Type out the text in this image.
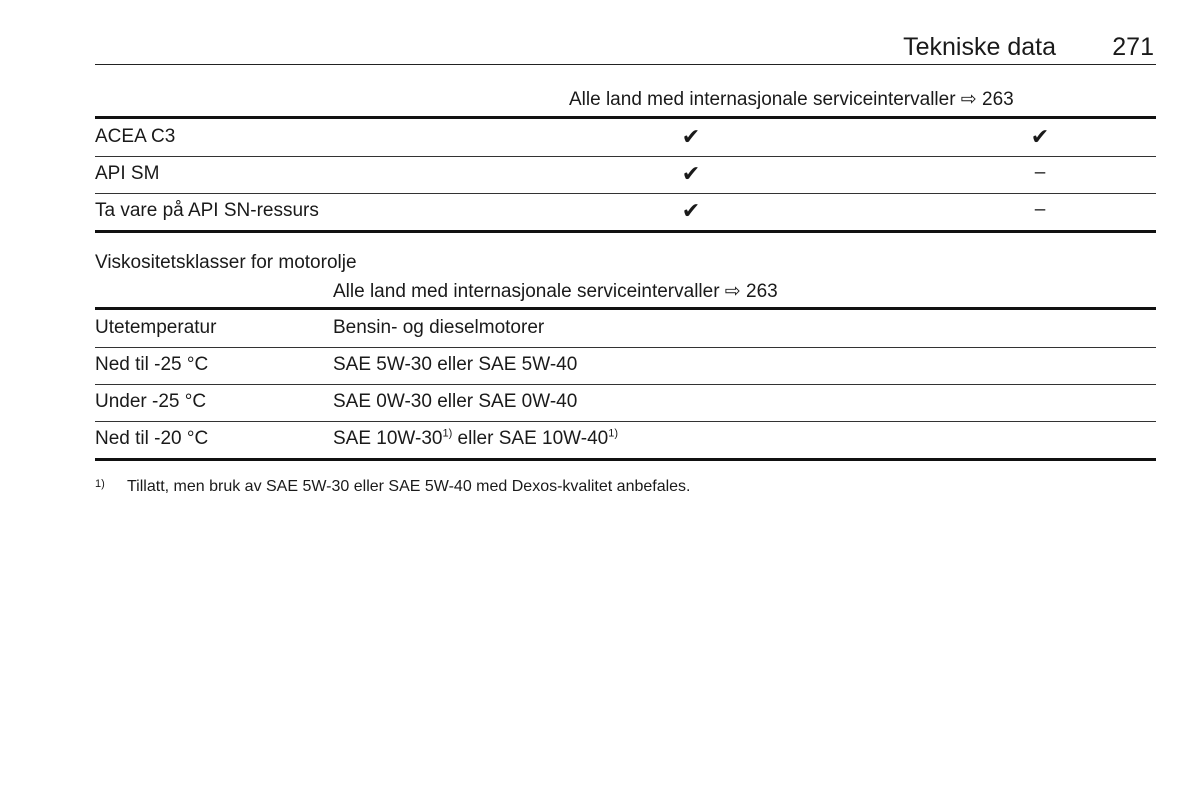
Tekniske data 271
Alle land med internasjonale serviceintervaller ⇨ 263
ACEA C3	✔	✔
API SM	✔	–
Ta vare på API SN-ressurs	✔	–
Viskositetsklasser for motorolje
Alle land med internasjonale serviceintervaller ⇨ 263
Utetemperatur	Bensin- og dieselmotorer
Ned til -25 °C	SAE 5W-30 eller SAE 5W-40
Under -25 °C	SAE 0W-30 eller SAE 0W-40
Ned til -20 °C	SAE 10W-30$^{1)}$ eller SAE 10W-40$^{1)}$
$^{1)}$ Tillatt, men bruk av SAE 5W-30 eller SAE 5W-40 med Dexos-kvalitet anbefales.
